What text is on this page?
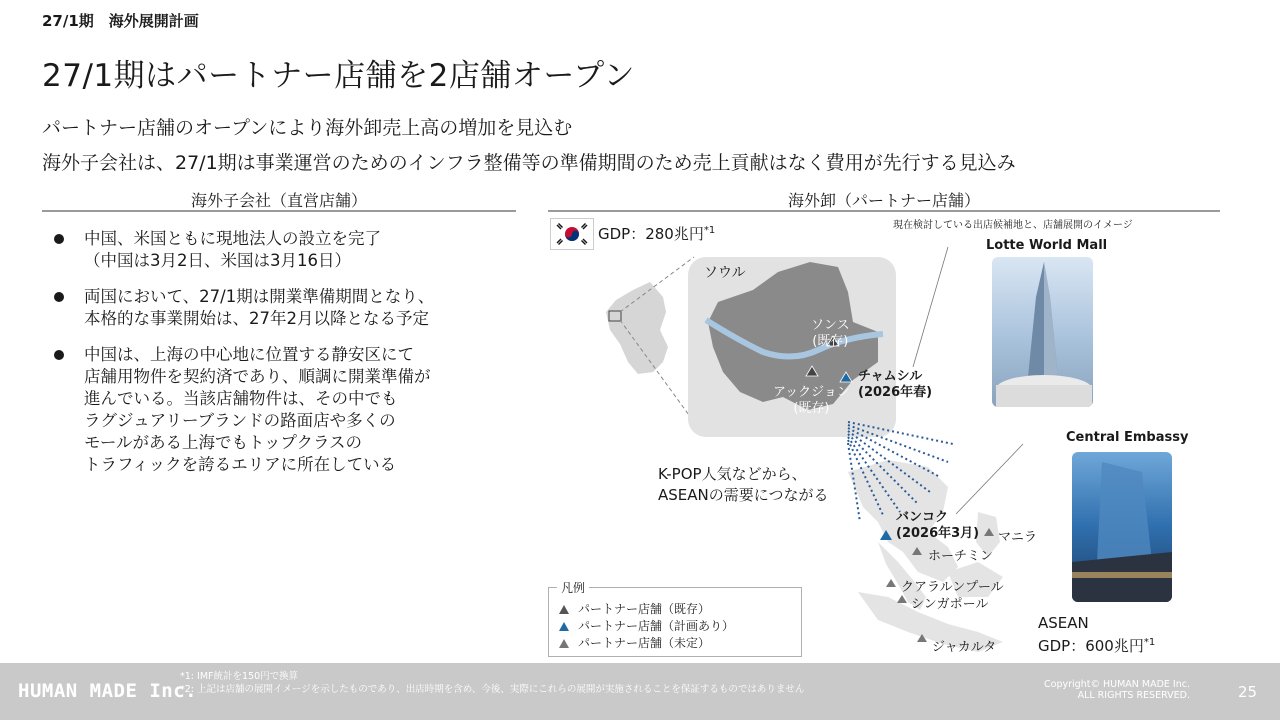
27/1期　海外展開計画
27/1期はパートナー店舗を2店舗オープン
パートナー店舗のオープンにより海外卸売上高の増加を見込む
海外子会社は、27/1期は事業運営のためのインフラ整備等の準備期間のため売上貢献はなく費用が先行する見込み
海外子会社（直営店舗）
中国、米国ともに現地法人の設立を完了
（中国は3月2日、米国は3月16日）
両国において、27/1期は開業準備期間となり、
本格的な事業開始は、27年2月以降となる予定
中国は、上海の中心地に位置する静安区にて
店舗用物件を契約済であり、順調に開業準備が
進んでいる。当該店舗物件は、その中でも
ラグジュアリーブランドの路面店や多くの
モールがある上海でもトップクラスの
トラフィックを誇るエリアに所在している
海外卸（パートナー店舗）
GDP：280兆円$^{*1}$	現在検討している出店候補地と、店舗展開のイメージ
ソウル
ソンス
(既存)
アックジョン
(既存)
チャムシル
(2026年春)
Lotte World Mall
Central Embassy
K-POP人気などから、
ASEANの需要につながる
バンコク
(2026年3月) マニラ
ホーチミン
クアラルンプール
シンガポール
ジャカルタ
ASEAN
GDP：600兆円$^{*1}$
凡例
パートナー店舗（既存）
パートナー店舗（計画あり）
パートナー店舗（未定）
HUMAN MADE Inc.
*1: IMF統計を150円で換算
*2: 上記は店舗の展開イメージを示したものであり、出店時期を含め、今後、実際にこれらの展開が実施されることを保証するものではありません	Copyright© HUMAN MADE Inc.
ALL RIGHTS RESERVED.	25
